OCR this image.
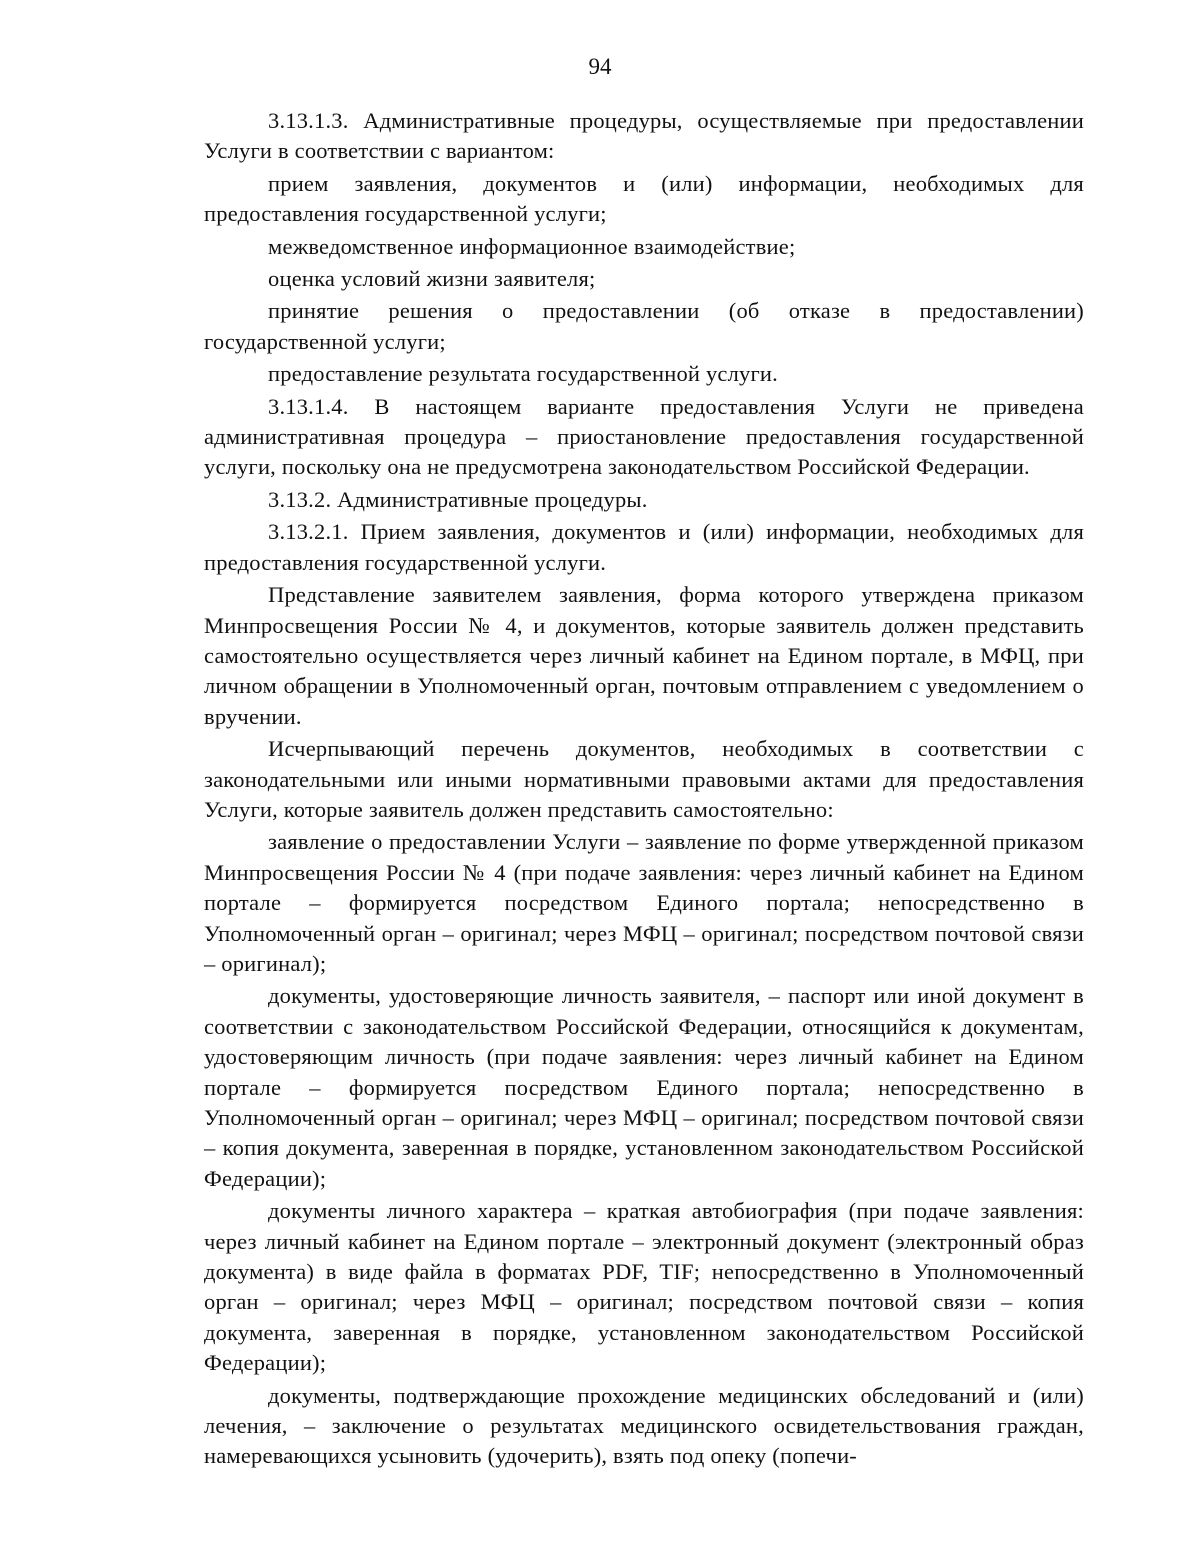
94

3.13.1.3. Административные процедуры, осуществляемые при предоставлении Услуги в соответствии с вариантом:

прием заявления, документов и (или) информации, необходимых для предоставления государственной услуги;

межведомственное информационное взаимодействие;

оценка условий жизни заявителя;

принятие решения о предоставлении (об отказе в предоставлении) государственной услуги;

предоставление результата государственной услуги.

3.13.1.4. В настоящем варианте предоставления Услуги не приведена административная процедура – приостановление предоставления государственной услуги, поскольку она не предусмотрена законодательством Российской Федерации.

3.13.2. Административные процедуры.

3.13.2.1. Прием заявления, документов и (или) информации, необходимых для предоставления государственной услуги.

Представление заявителем заявления, форма которого утверждена приказом Минпросвещения России № 4, и документов, которые заявитель должен представить самостоятельно осуществляется через личный кабинет на Едином портале, в МФЦ, при личном обращении в Уполномоченный орган, почтовым отправлением с уведомлением о вручении.

Исчерпывающий перечень документов, необходимых в соответствии с законодательными или иными нормативными правовыми актами для предоставления Услуги, которые заявитель должен представить самостоятельно:

заявление о предоставлении Услуги – заявление по форме утвержденной приказом Минпросвещения России № 4 (при подаче заявления: через личный кабинет на Едином портале – формируется посредством Единого портала; непосредственно в Уполномоченный орган – оригинал; через МФЦ – оригинал; посредством почтовой связи – оригинал);

документы, удостоверяющие личность заявителя, – паспорт или иной документ в соответствии с законодательством Российской Федерации, относящийся к документам, удостоверяющим личность (при подаче заявления: через личный кабинет на Едином портале – формируется посредством Единого портала; непосредственно в Уполномоченный орган – оригинал; через МФЦ – оригинал; посредством почтовой связи – копия документа, заверенная в порядке, установленном законодательством Российской Федерации);

документы личного характера – краткая автобиография (при подаче заявления: через личный кабинет на Едином портале – электронный документ (электронный образ документа) в виде файла в форматах PDF, TIF; непосредственно в Уполномоченный орган – оригинал; через МФЦ – оригинал; посредством почтовой связи – копия документа, заверенная в порядке, установленном законодательством Российской Федерации);

документы, подтверждающие прохождение медицинских обследований и (или) лечения, – заключение о результатах медицинского освидетельствования граждан, намеревающихся усыновить (удочерить), взять под опеку (попечи-
